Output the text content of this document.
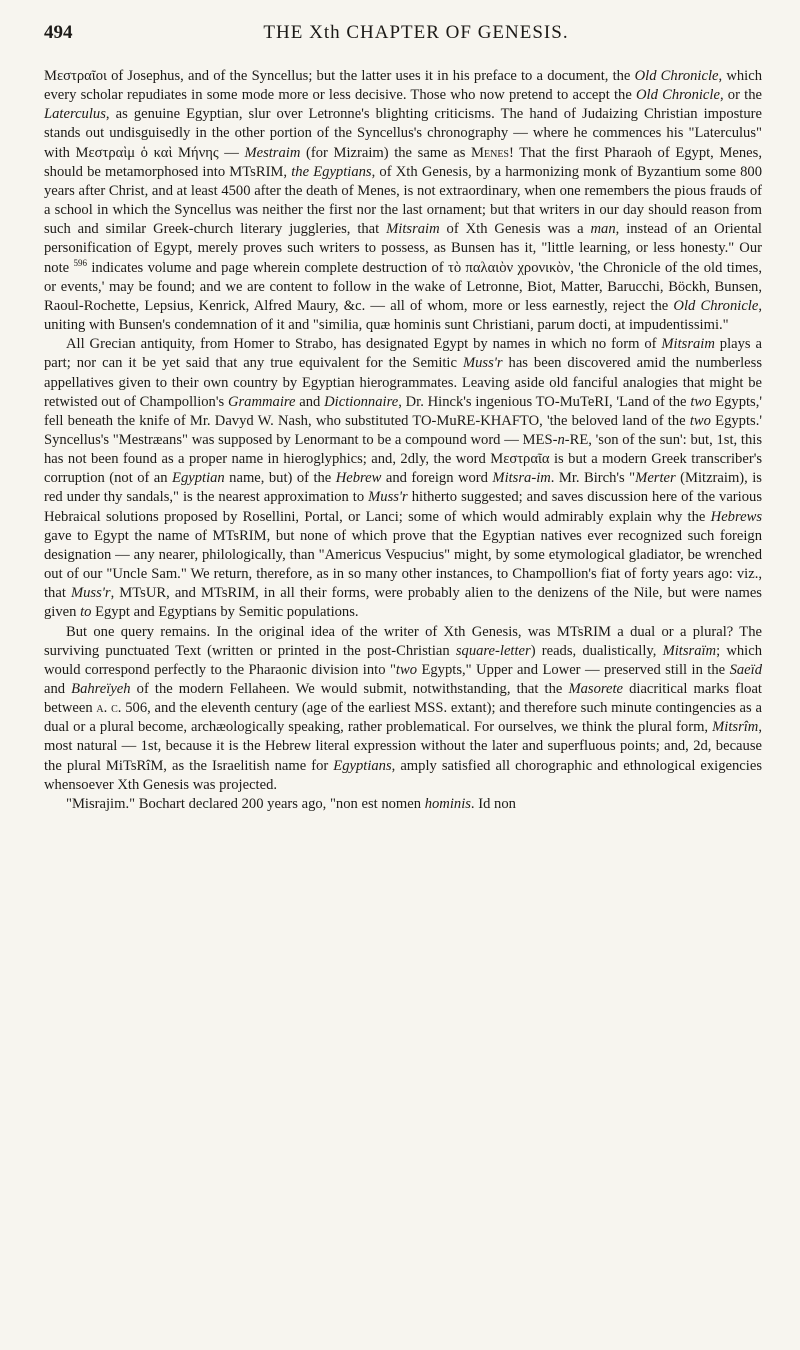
494	THE Xth CHAPTER OF GENESIS.

Μεστραῖοι of Josephus, and of the Syncellus; but the latter uses it in his preface to a document, the Old Chronicle, which every scholar repudiates in some mode more or less decisive. Those who now pretend to accept the Old Chronicle, or the Laterculus, as genuine Egyptian, slur over Letronne's blighting criticisms. The hand of Judaizing Christian imposture stands out undisguisedly in the other portion of the Syncellus's chronography — where he commences his "Laterculus" with Μεστραὶμ ὁ καὶ Μήνης — Mestraim (for Mizraim) the same as Menes! That the first Pharaoh of Egypt, Menes, should be metamorphosed into MTsRIM, the Egyptians, of Xth Genesis, by a harmonizing monk of Byzantium some 800 years after Christ, and at least 4500 after the death of Menes, is not extraordinary, when one remembers the pious frauds of a school in which the Syncellus was neither the first nor the last ornament; but that writers in our day should reason from such and similar Greek-church literary juggleries, that Mitsraim of Xth Genesis was a man, instead of an Oriental personification of Egypt, merely proves such writers to possess, as Bunsen has it, "little learning, or less honesty." Our note $^{596}$ indicates volume and page wherein complete destruction of τὸ παλαιὸν χρονικὸν, 'the Chronicle of the old times, or events,' may be found; and we are content to follow in the wake of Letronne, Biot, Matter, Barucchi, Böckh, Bunsen, Raoul-Rochette, Lepsius, Kenrick, Alfred Maury, &c. — all of whom, more or less earnestly, reject the Old Chronicle, uniting with Bunsen's condemnation of it and "similia, quæ hominis sunt Christiani, parum docti, at impudentissimi."

All Grecian antiquity, from Homer to Strabo, has designated Egypt by names in which no form of Mitsraim plays a part; nor can it be yet said that any true equivalent for the Semitic Muss'r has been discovered amid the numberless appellatives given to their own country by Egyptian hierogrammates. Leaving aside old fanciful analogies that might be retwisted out of Champollion's Grammaire and Dictionnaire, Dr. Hinck's ingenious TO-MuTeRI, 'Land of the two Egypts,' fell beneath the knife of Mr. Davyd W. Nash, who substituted TO-MuRE-KHAFTO, 'the beloved land of the two Egypts.' Syncellus's "Mestræans" was supposed by Lenormant to be a compound word — MES-n-RE, 'son of the sun': but, 1st, this has not been found as a proper name in hieroglyphics; and, 2dly, the word Μεστραῖα is but a modern Greek transcriber's corruption (not of an Egyptian name, but) of the Hebrew and foreign word Mitsra-im. Mr. Birch's "Merter (Mitzraim), is red under thy sandals," is the nearest approximation to Muss'r hitherto suggested; and saves discussion here of the various Hebraical solutions proposed by Rosellini, Portal, or Lanci; some of which would admirably explain why the Hebrews gave to Egypt the name of MTsRIM, but none of which prove that the Egyptian natives ever recognized such foreign designation — any nearer, philologically, than "Americus Vespucius" might, by some etymological gladiator, be wrenched out of our "Uncle Sam." We return, therefore, as in so many other instances, to Champollion's fiat of forty years ago: viz., that Muss'r, MTsUR, and MTsRIM, in all their forms, were probably alien to the denizens of the Nile, but were names given to Egypt and Egyptians by Semitic populations.

But one query remains. In the original idea of the writer of Xth Genesis, was MTsRIM a dual or a plural? The surviving punctuated Text (written or printed in the post-Christian square-letter) reads, dualistically, Mitsraïm; which would correspond perfectly to the Pharaonic division into "two Egypts," Upper and Lower — preserved still in the Saeïd and Bahreïyeh of the modern Fellaheen. We would submit, notwithstanding, that the Masorete diacritical marks float between a. c. 506, and the eleventh century (age of the earliest MSS. extant); and therefore such minute contingencies as a dual or a plural become, archæologically speaking, rather problematical. For ourselves, we think the plural form, Mitsrîm, most natural — 1st, because it is the Hebrew literal expression without the later and superfluous points; and, 2d, because the plural MiTsRîM, as the Israelitish name for Egyptians, amply satisfied all chorographic and ethnological exigencies whensoever Xth Genesis was projected.

"Misrajim." Bochart declared 200 years ago, "non est nomen hominis. Id non
